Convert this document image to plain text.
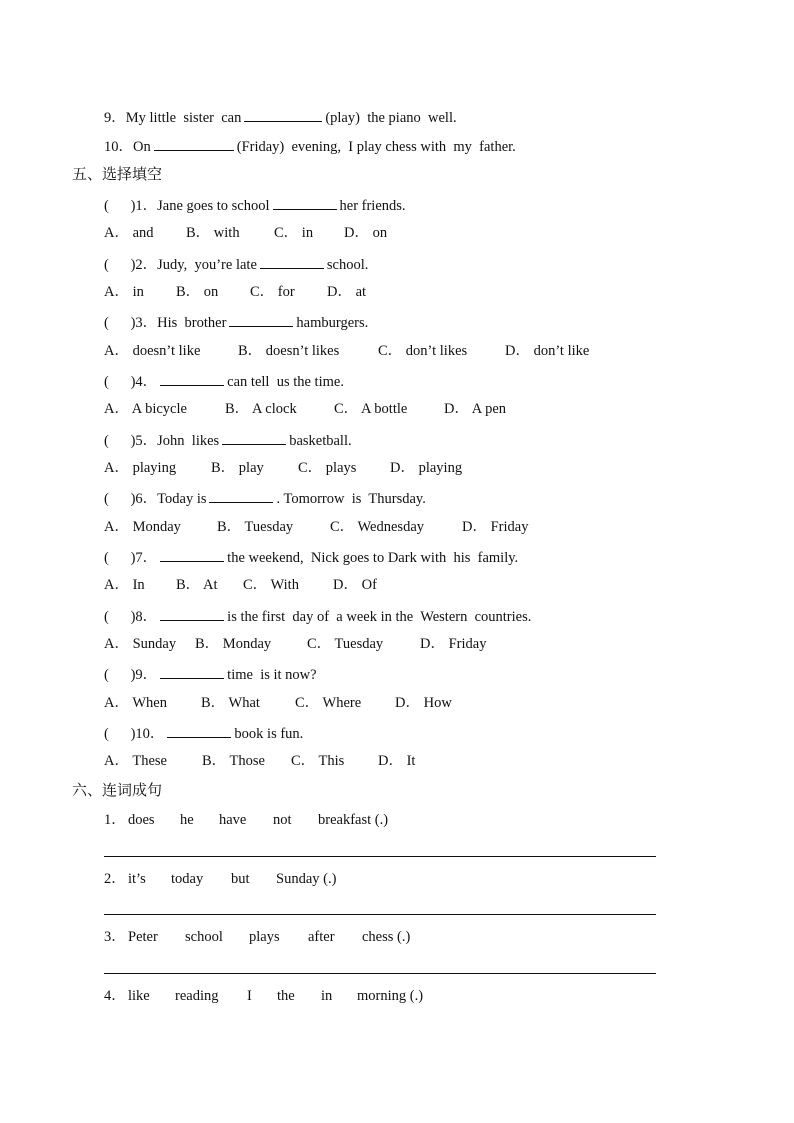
9．My little  sister  can	(play)  the piano  well.
10．On	(Friday)  evening,  I play chess with  my  father.
五、选择填空
(      )1．Jane goes to school	her friends.
A． and B． with C． in D． on
(      )2．Judy,  you’re late	school.
A． in B． on C． for D． at
(      )3．His  brother	hamburgers.
A． doesn’t like	B． doesn’t likes	C． don’t likes	D． don’t like
(      )4．	can tell  us the time.
A． A bicycle	B． A clock	C． A bottle	D． A pen
(      )5．John  likes	basketball.
A． playing B． play C． plays D． playing
(      )6．Today is	. Tomorrow  is  Thursday.
A． Monday B． Tuesday	C． Wednesday	D． Friday
(      )7．	the weekend,  Nick goes to Dark with  his  family.
A． In B． At C． With D． Of
(      )8．	is the first  day of  a week in the  Western  countries.
A． Sunday B． Monday C． Tuesday	D． Friday
(      )9．	time  is it now?
A． When B． What C． Where D． How
(      )10．	book is fun.
A． These B． Those C． This D． It
六、连词成句
1． does he have not breakfast (.)
2． it’s today but Sunday (.)
3． Peter school plays after chess (.)
4． like reading I the in morning (.)
